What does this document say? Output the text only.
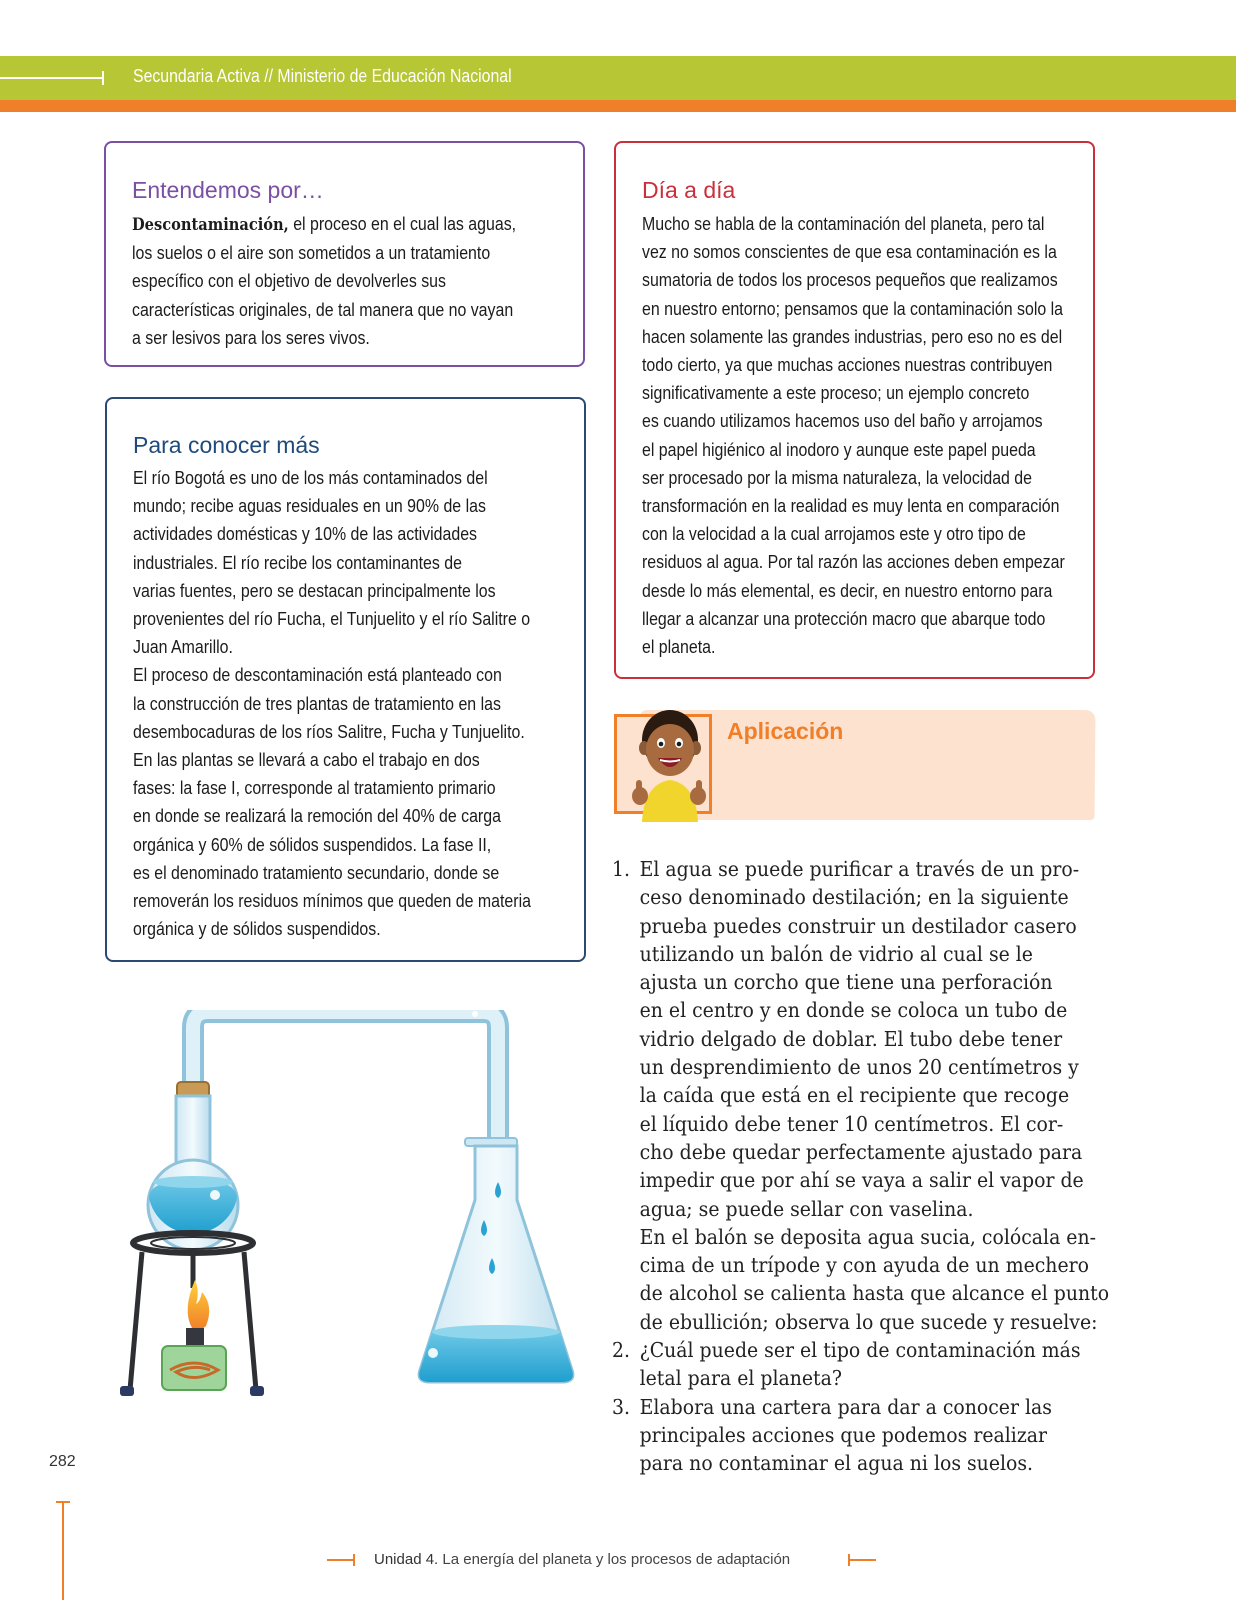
Secundaria Activa // Ministerio de Educación Nacional
Entendemos por…
Descontaminación, el proceso en el cual las aguas,
los suelos o el aire son sometidos a un tratamiento
específico con el objetivo de devolverles sus
características originales, de tal manera que no vayan
a ser lesivos para los seres vivos.
Para conocer más
El río Bogotá es uno de los más contaminados del
mundo; recibe aguas residuales en un 90% de las
actividades domésticas y 10% de las actividades
industriales. El río recibe los contaminantes de
varias fuentes, pero se destacan principalmente los
provenientes del río Fucha, el Tunjuelito y el río Salitre o
Juan Amarillo.
El proceso de descontaminación está planteado con
la construcción de tres plantas de tratamiento en las
desembocaduras de los ríos Salitre, Fucha y Tunjuelito.
En las plantas se llevará a cabo el trabajo en dos
fases: la fase I, corresponde al tratamiento primario
en donde se realizará la remoción del 40% de carga
orgánica y 60% de sólidos suspendidos. La fase II,
es el denominado tratamiento secundario, donde se
removerán los residuos mínimos que queden de materia
orgánica y de sólidos suspendidos.
Día a día
Mucho se habla de la contaminación del planeta, pero tal
vez no somos conscientes de que esa contaminación es la
sumatoria de todos los procesos pequeños que realizamos
en nuestro entorno; pensamos que la contaminación solo la
hacen solamente las grandes industrias, pero eso no es del
todo cierto, ya que muchas acciones nuestras contribuyen
significativamente a este proceso; un ejemplo concreto
es cuando utilizamos hacemos uso del baño y arrojamos
el papel higiénico al inodoro y aunque este papel pueda
ser procesado por la misma naturaleza, la velocidad de
transformación en la realidad es muy lenta en comparación
con la velocidad a la cual arrojamos este y otro tipo de
residuos al agua. Por tal razón las acciones deben empezar
desde lo más elemental, es decir, en nuestro entorno para
llegar a alcanzar una protección macro que abarque todo
el planeta.
Aplicación
1. El agua se puede purificar a través de un pro-
ceso denominado destilación; en la siguiente
prueba puedes construir un destilador casero
utilizando un balón de vidrio al cual se le
ajusta un corcho que tiene una perforación
en el centro y en donde se coloca un tubo de
vidrio delgado de doblar. El tubo debe tener
un desprendimiento de unos 20 centímetros y
la caída que está en el recipiente que recoge
el líquido debe tener 10 centímetros. El cor-
cho debe quedar perfectamente ajustado para
impedir que por ahí se vaya a salir el vapor de
agua; se puede sellar con vaselina.
En el balón se deposita agua sucia, colócala en-
cima de un trípode y con ayuda de un mechero
de alcohol se calienta hasta que alcance el punto
de ebullición; observa lo que sucede y resuelve:
2. ¿Cuál puede ser el tipo de contaminación más
letal para el planeta?
3. Elabora una cartera para dar a conocer las
principales acciones que podemos realizar
para no contaminar el agua ni los suelos.
282
Unidad 4. La energía del planeta y los procesos de adaptación
